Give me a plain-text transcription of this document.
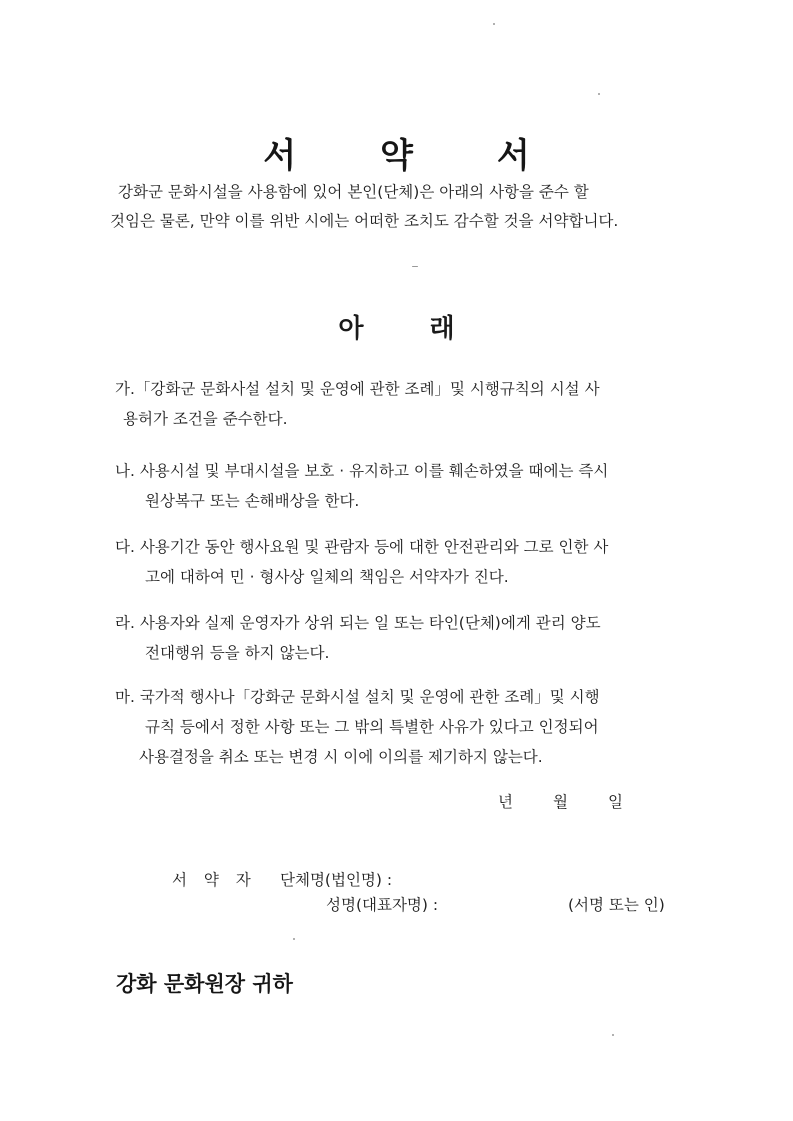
서 약 서
강화군 문화시설을 사용함에 있어 본인(단체)은 아래의 사항을 준수 할
것임은 물론, 만약 이를 위반 시에는 어떠한 조치도 감수할 것을 서약합니다.
아	래
가.「강화군 문화사설 설치 및 운영에 관한 조례」및 시행규칙의 시설 사
용허가 조건을 준수한다.
나. 사용시설 및 부대시설을 보호 · 유지하고 이를 훼손하였을 때에는 즉시
원상복구 또는 손해배상을 한다.
다. 사용기간 동안 행사요원 및 관람자 등에 대한 안전관리와 그로 인한 사
고에 대하여 민 · 형사상 일체의 책임은 서약자가 진다.
라. 사용자와 실제 운영자가 상위 되는 일 또는 타인(단체)에게 관리 양도
전대행위 등을 하지 않는다.
마. 국가적 행사나「강화군 문화시설 설치 및 운영에 관한 조례」및 시행
규칙 등에서 정한 사항 또는 그 밖의 특별한 사유가 있다고 인정되어
사용결정을 취소 또는 변경 시 이에 이의를 제기하지 않는다.
년	월	일
서 약 자 단체명(법인명) :
성명(대표자명) :	(서명 또는 인)
강화 문화원장 귀하
